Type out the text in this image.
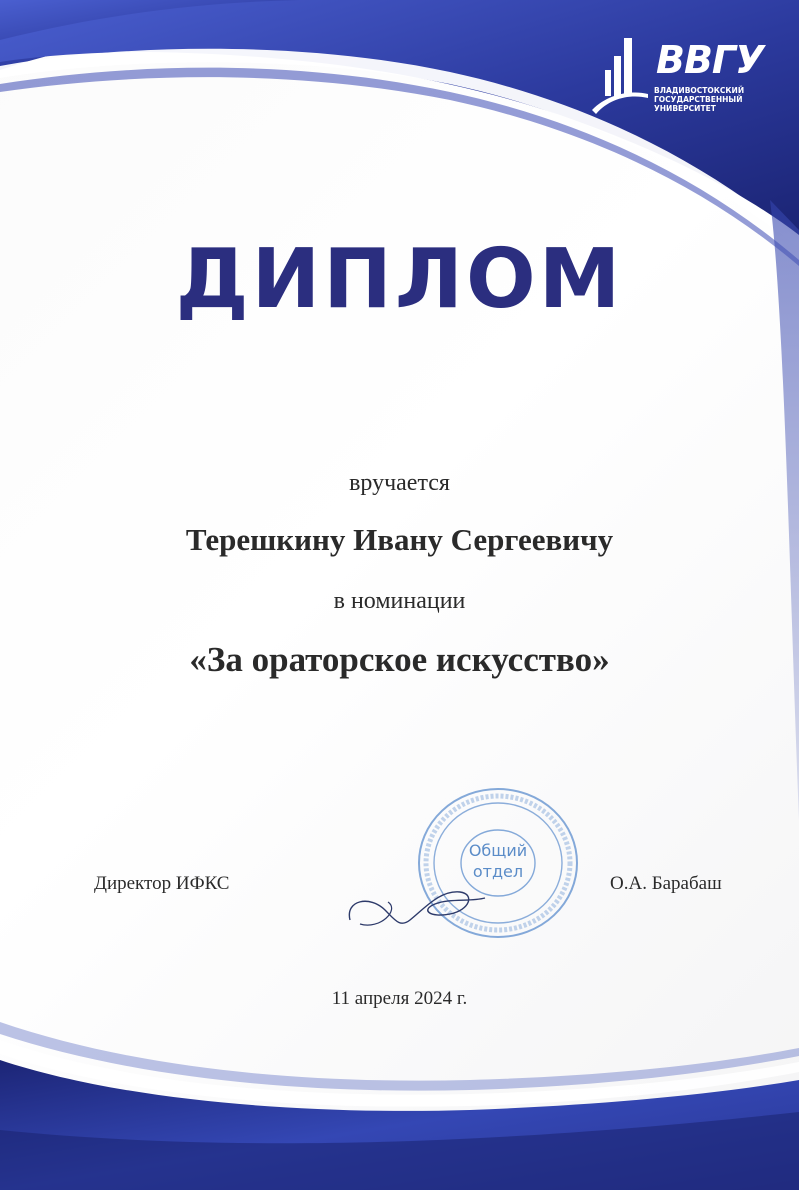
ВВГУ
ВЛАДИВОСТОКСКИЙ
ГОСУДАРСТВЕННЫЙ
УНИВЕРСИТЕТ
ДИПЛОМ
вручается
Терешкину Ивану Сергеевичу
в номинации
«За ораторское искусство»
Директор ИФКС	О.А. Барабаш
Общий
отдел
11 апреля 2024 г.
